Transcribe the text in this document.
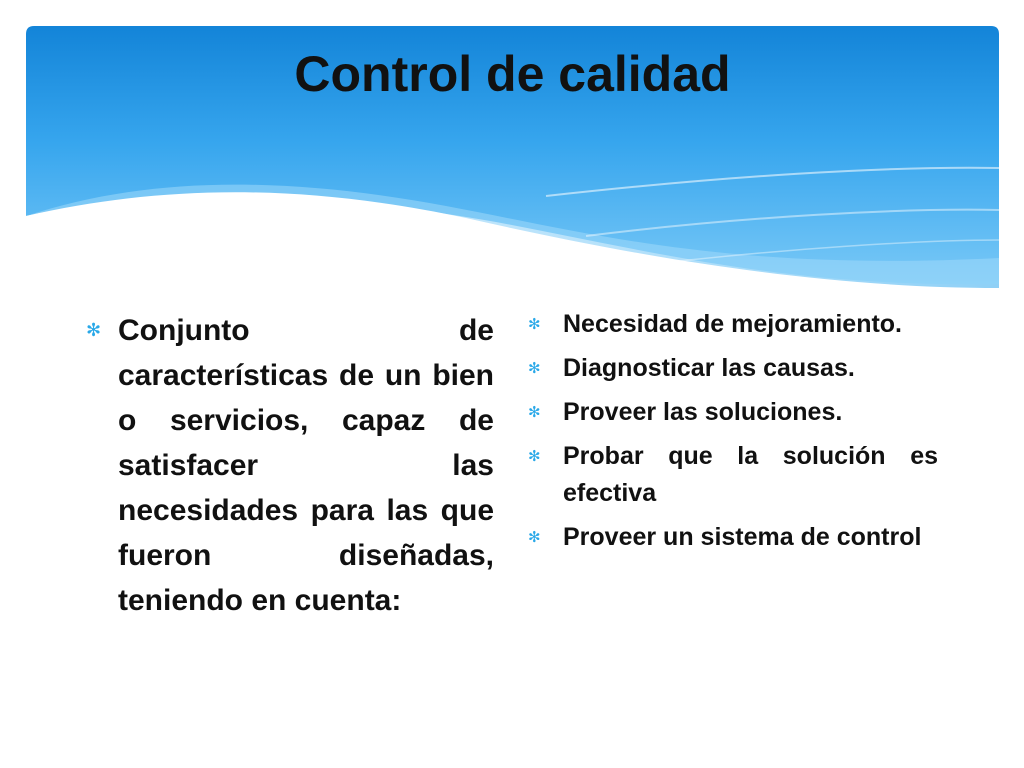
Control de calidad
✻ Conjunto de características de un bien o servicios, capaz de satisfacer las necesidades para las que fueron diseñadas, teniendo en cuenta:
✻ Necesidad de mejoramiento.
✻ Diagnosticar las causas.
✻ Proveer las soluciones.
✻ Probar que la solución es efectiva
✻ Proveer un sistema de control
